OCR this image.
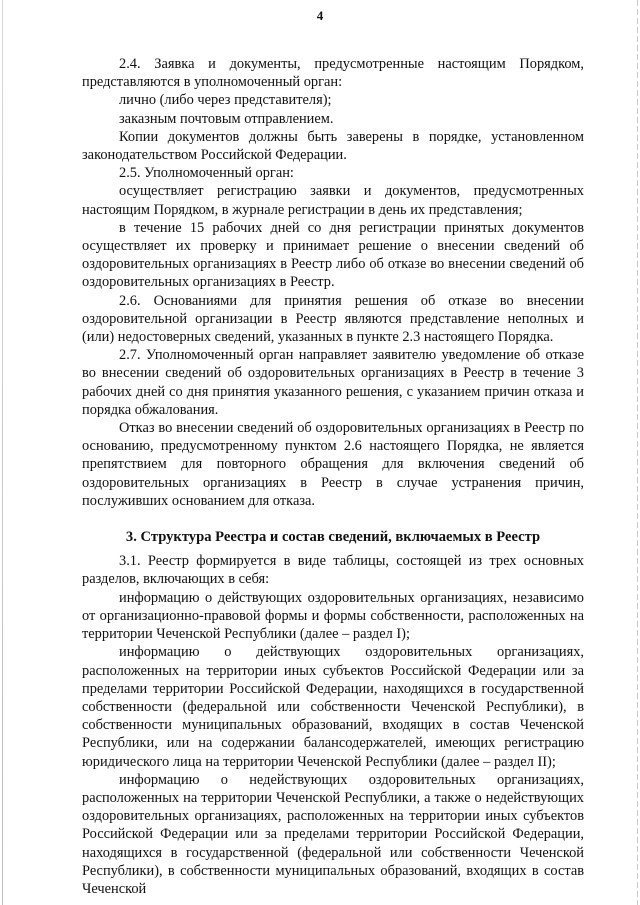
4

2.4. Заявка и документы, предусмотренные настоящим Порядком, представляются в уполномоченный орган:

лично (либо через представителя);

заказным почтовым отправлением.

Копии документов должны быть заверены в порядке, установленном законодательством Российской Федерации.

2.5. Уполномоченный орган:

осуществляет регистрацию заявки и документов, предусмотренных настоящим Порядком, в журнале регистрации в день их представления;

в течение 15 рабочих дней со дня регистрации принятых документов осуществляет их проверку и принимает решение о внесении сведений об оздоровительных организациях в Реестр либо об отказе во внесении сведений об оздоровительных организациях в Реестр.

2.6. Основаниями для принятия решения об отказе во внесении оздоровительной организации в Реестр являются представление неполных и (или) недостоверных сведений, указанных в пункте 2.3 настоящего Порядка.

2.7. Уполномоченный орган направляет заявителю уведомление об отказе во внесении сведений об оздоровительных организациях в Реестр в течение 3 рабочих дней со дня принятия указанного решения, с указанием причин отказа и порядка обжалования.

Отказ во внесении сведений об оздоровительных организациях в Реестр по основанию, предусмотренному пунктом 2.6 настоящего Порядка, не является препятствием для повторного обращения для включения сведений об оздоровительных организациях в Реестр в случае устранения причин, послуживших основанием для отказа.

3. Структура Реестра и состав сведений, включаемых в Реестр

3.1. Реестр формируется в виде таблицы, состоящей из трех основных разделов, включающих в себя:

информацию о действующих оздоровительных организациях, независимо от организационно-правовой формы и формы собственности, расположенных на территории Чеченской Республики (далее – раздел I);

информацию о действующих оздоровительных организациях, расположенных на территории иных субъектов Российской Федерации или за пределами территории Российской Федерации, находящихся в государственной собственности (федеральной или собственности Чеченской Республики), в собственности муниципальных образований, входящих в состав Чеченской Республики, или на содержании балансодержателей, имеющих регистрацию юридического лица на территории Чеченской Республики (далее – раздел II);

информацию о недействующих оздоровительных организациях, расположенных на территории Чеченской Республики, а также о недействующих оздоровительных организациях, расположенных на территории иных субъектов Российской Федерации или за пределами территории Российской Федерации, находящихся в государственной (федеральной или собственности Чеченской Республики), в собственности муниципальных образований, входящих в состав Чеченской
